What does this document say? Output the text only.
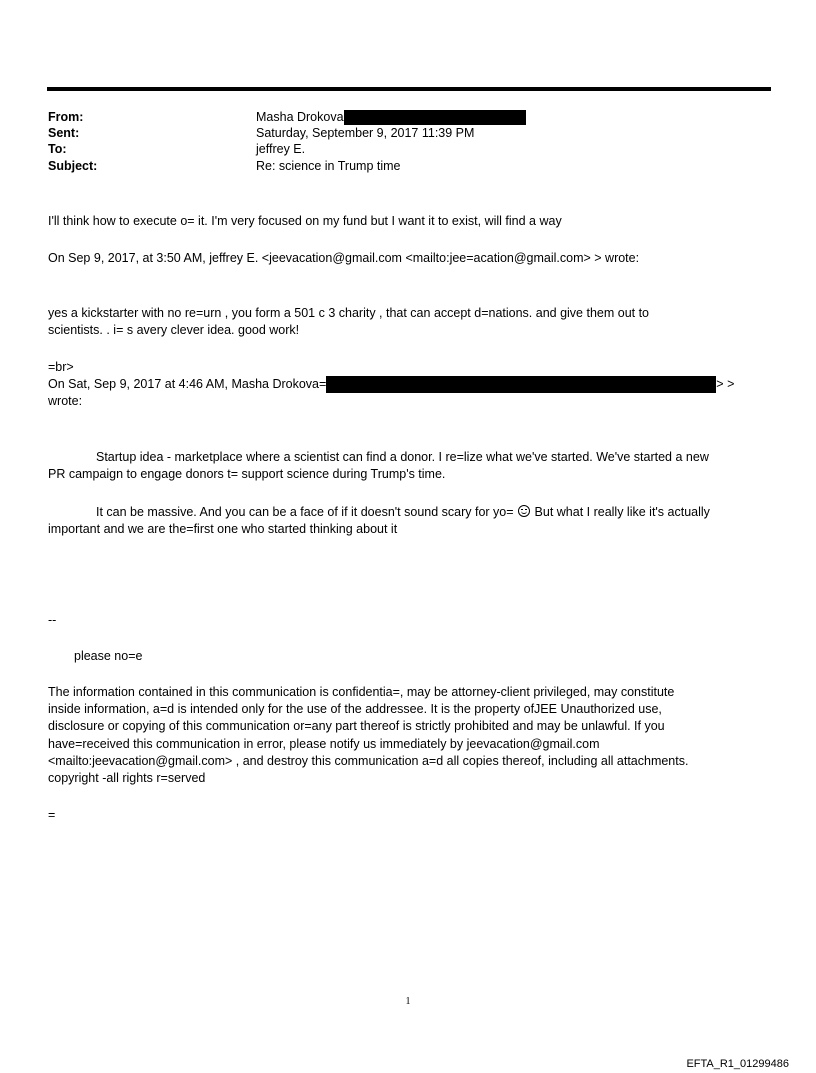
From:	Masha Drokova
Sent:	Saturday, September 9, 2017 11:39 PM
To:	jeffrey E.
Subject:	Re: science in Trump time
I'll think how to execute o= it. I'm very focused on my fund but I want it to exist, will find a way
On Sep 9, 2017, at 3:50 AM, jeffrey E. <jeevacation@gmail.com <mailto:jee=acation@gmail.com> > wrote:
yes a kickstarter with no re=urn , you form a 501 c 3 charity , that can accept d=nations. and give them out to
scientists. . i= s avery clever idea. good work!
=br>
On Sat, Sep 9, 2017 at 4:46 AM, Masha Drokova=	> >
wrote:
Startup idea - marketplace where a scientist can find a donor. I re=lize what we've started. We've started a new
PR campaign to engage donors t= support science during Trump's time.
It can be massive. And you can be a face of if it doesn't sound scary for yo= But what I really like it's actually
important and we are the=first one who started thinking about it
--
please no=e
The information contained in this communication is confidentia=, may be attorney-client privileged, may constitute
inside information, a=d is intended only for the use of the addressee. It is the property ofJEE Unauthorized use,
disclosure or copying of this communication or=any part thereof is strictly prohibited and may be unlawful. If you
have=received this communication in error, please notify us immediately by jeevacation@gmail.com
<mailto:jeevacation@gmail.com> , and destroy this communication a=d all copies thereof, including all attachments.
copyright -all rights r=served
=
1
EFTA_R1_01299486
